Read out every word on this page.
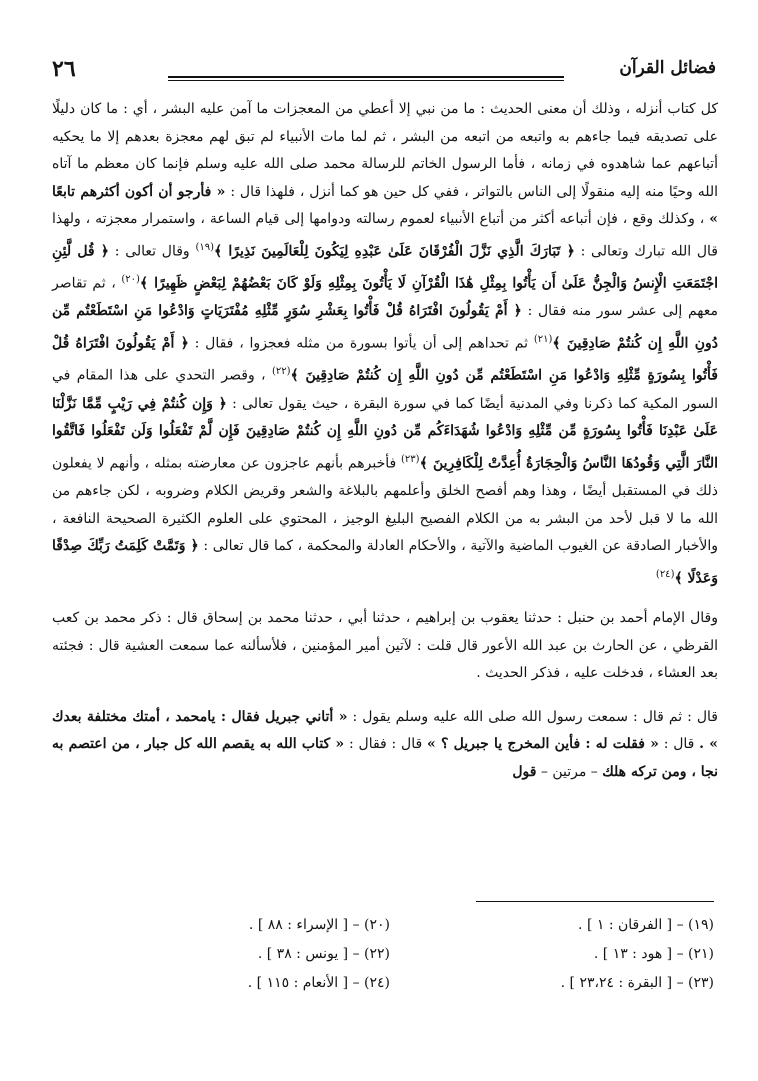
٢٦	فضائل القرآن

كل كتاب أنزله ، وذلك أن معنى الحديث : ما من نبي إلا أعطي من المعجزات ما آمن عليه البشر ، أي : ما كان دليلًا على تصديقه فيما جاءهم به واتبعه من اتبعه من البشر ، ثم لما مات الأنبياء لم تبق لهم معجزة بعدهم إلا ما يحكيه أتباعهم عما شاهدوه في زمانه ، فأما الرسول الخاتم للرسالة محمد صلى الله عليه وسلم فإنما كان معظم ما آتاه الله وحيًا منه إليه منقولًا إلى الناس بالتواتر ، ففي كل حين هو كما أنزل ، فلهذا قال : « فأرجو أن أكون أكثرهم تابعًا » ، وكذلك وقع ، فإن أتباعه أكثر من أتباع الأنبياء لعموم رسالته ودوامها إلى قيام الساعة ، واستمرار معجزته ، ولهذا قال الله تبارك وتعالى : ﴿ تَبَارَكَ الَّذِي نَزَّلَ الْفُرْقَانَ عَلَىٰ عَبْدِهِ لِيَكُونَ لِلْعَالَمِينَ نَذِيرًا ﴾$^{(١٩)}$ وقال تعالى : ﴿ قُل لَّئِنِ اجْتَمَعَتِ الْإِنسُ وَالْجِنُّ عَلَىٰ أَن يَأْتُوا بِمِثْلِ هَٰذَا الْقُرْآنِ لَا يَأْتُونَ بِمِثْلِهِ وَلَوْ كَانَ بَعْضُهُمْ لِبَعْضٍ ظَهِيرًا ﴾$^{(٢٠)}$ ، ثم تقاصر معهم إلى عشر سور منه فقال : ﴿ أَمْ يَقُولُونَ افْتَرَاهُ قُلْ فَأْتُوا بِعَشْرِ سُوَرٍ مِّثْلِهِ مُفْتَرَيَاتٍ وَادْعُوا مَنِ اسْتَطَعْتُم مِّن دُونِ اللَّهِ إِن كُنتُمْ صَادِقِينَ ﴾$^{(٢١)}$ ثم تحداهم إلى أن يأتوا بسورة من مثله فعجزوا ، فقال : ﴿ أَمْ يَقُولُونَ افْتَرَاهُ قُلْ فَأْتُوا بِسُورَةٍ مِّثْلِهِ وَادْعُوا مَنِ اسْتَطَعْتُم مِّن دُونِ اللَّهِ إِن كُنتُمْ صَادِقِينَ ﴾$^{(٢٢)}$ ، وقصر التحدي على هذا المقام في السور المكية كما ذكرنا وفي المدنية أيضًا كما في سورة البقرة ، حيث يقول تعالى : ﴿ وَإِن كُنتُمْ فِي رَيْبٍ مِّمَّا نَزَّلْنَا عَلَىٰ عَبْدِنَا فَأْتُوا بِسُورَةٍ مِّن مِّثْلِهِ وَادْعُوا شُهَدَاءَكُم مِّن دُونِ اللَّهِ إِن كُنتُمْ صَادِقِينَ فَإِن لَّمْ تَفْعَلُوا وَلَن تَفْعَلُوا فَاتَّقُوا النَّارَ الَّتِي وَقُودُهَا النَّاسُ وَالْحِجَارَةُ أُعِدَّتْ لِلْكَافِرِينَ ﴾$^{(٢٣)}$ فأخبرهم بأنهم عاجزون عن معارضته بمثله ، وأنهم لا يفعلون ذلك في المستقبل أيضًا ، وهذا وهم أفصح الخلق وأعلمهم بالبلاغة والشعر وقريض الكلام وضروبه ، لكن جاءهم من الله ما لا قبل لأحد من البشر به من الكلام الفصيح البليغ الوجيز ، المحتوي على العلوم الكثيرة الصحيحة النافعة ، والأخبار الصادقة عن الغيوب الماضية والآتية ، والأحكام العادلة والمحكمة ، كما قال تعالى : ﴿ وَتَمَّتْ كَلِمَتُ رَبِّكَ صِدْقًا وَعَدْلًا ﴾$^{(٢٤)}$

وقال الإمام أحمد بن حنبل : حدثنا يعقوب بن إبراهيم ، حدثنا أبي ، حدثنا محمد بن إسحاق قال : ذكر محمد بن كعب القرظي ، عن الحارث بن عبد الله الأعور قال قلت : لآتين أمير المؤمنين ، فلأسألنه عما سمعت العشية قال : فجئته بعد العشاء ، فدخلت عليه ، فذكر الحديث .

قال : ثم قال : سمعت رسول الله صلى الله عليه وسلم يقول : « أتاني جبريل فقال : يامحمد ، أمتك مختلفة بعدك » . قال : « فقلت له : فأين المخرج يا جبريل ؟ » قال : فقال : « كتاب الله به يقصم الله كل جبار ، من اعتصم به نجا ، ومن تركه هلك – مرتين – قول

(١٩) – [ الفرقان : ١ ] .
(٢٠) – [ الإسراء : ٨٨ ] .
(٢١) – [ هود : ١٣ ] .
(٢٢) – [ يونس : ٣٨ ] .
(٢٣) – [ البقرة : ٢٣،٢٤ ] .
(٢٤) – [ الأنعام : ١١٥ ] .
